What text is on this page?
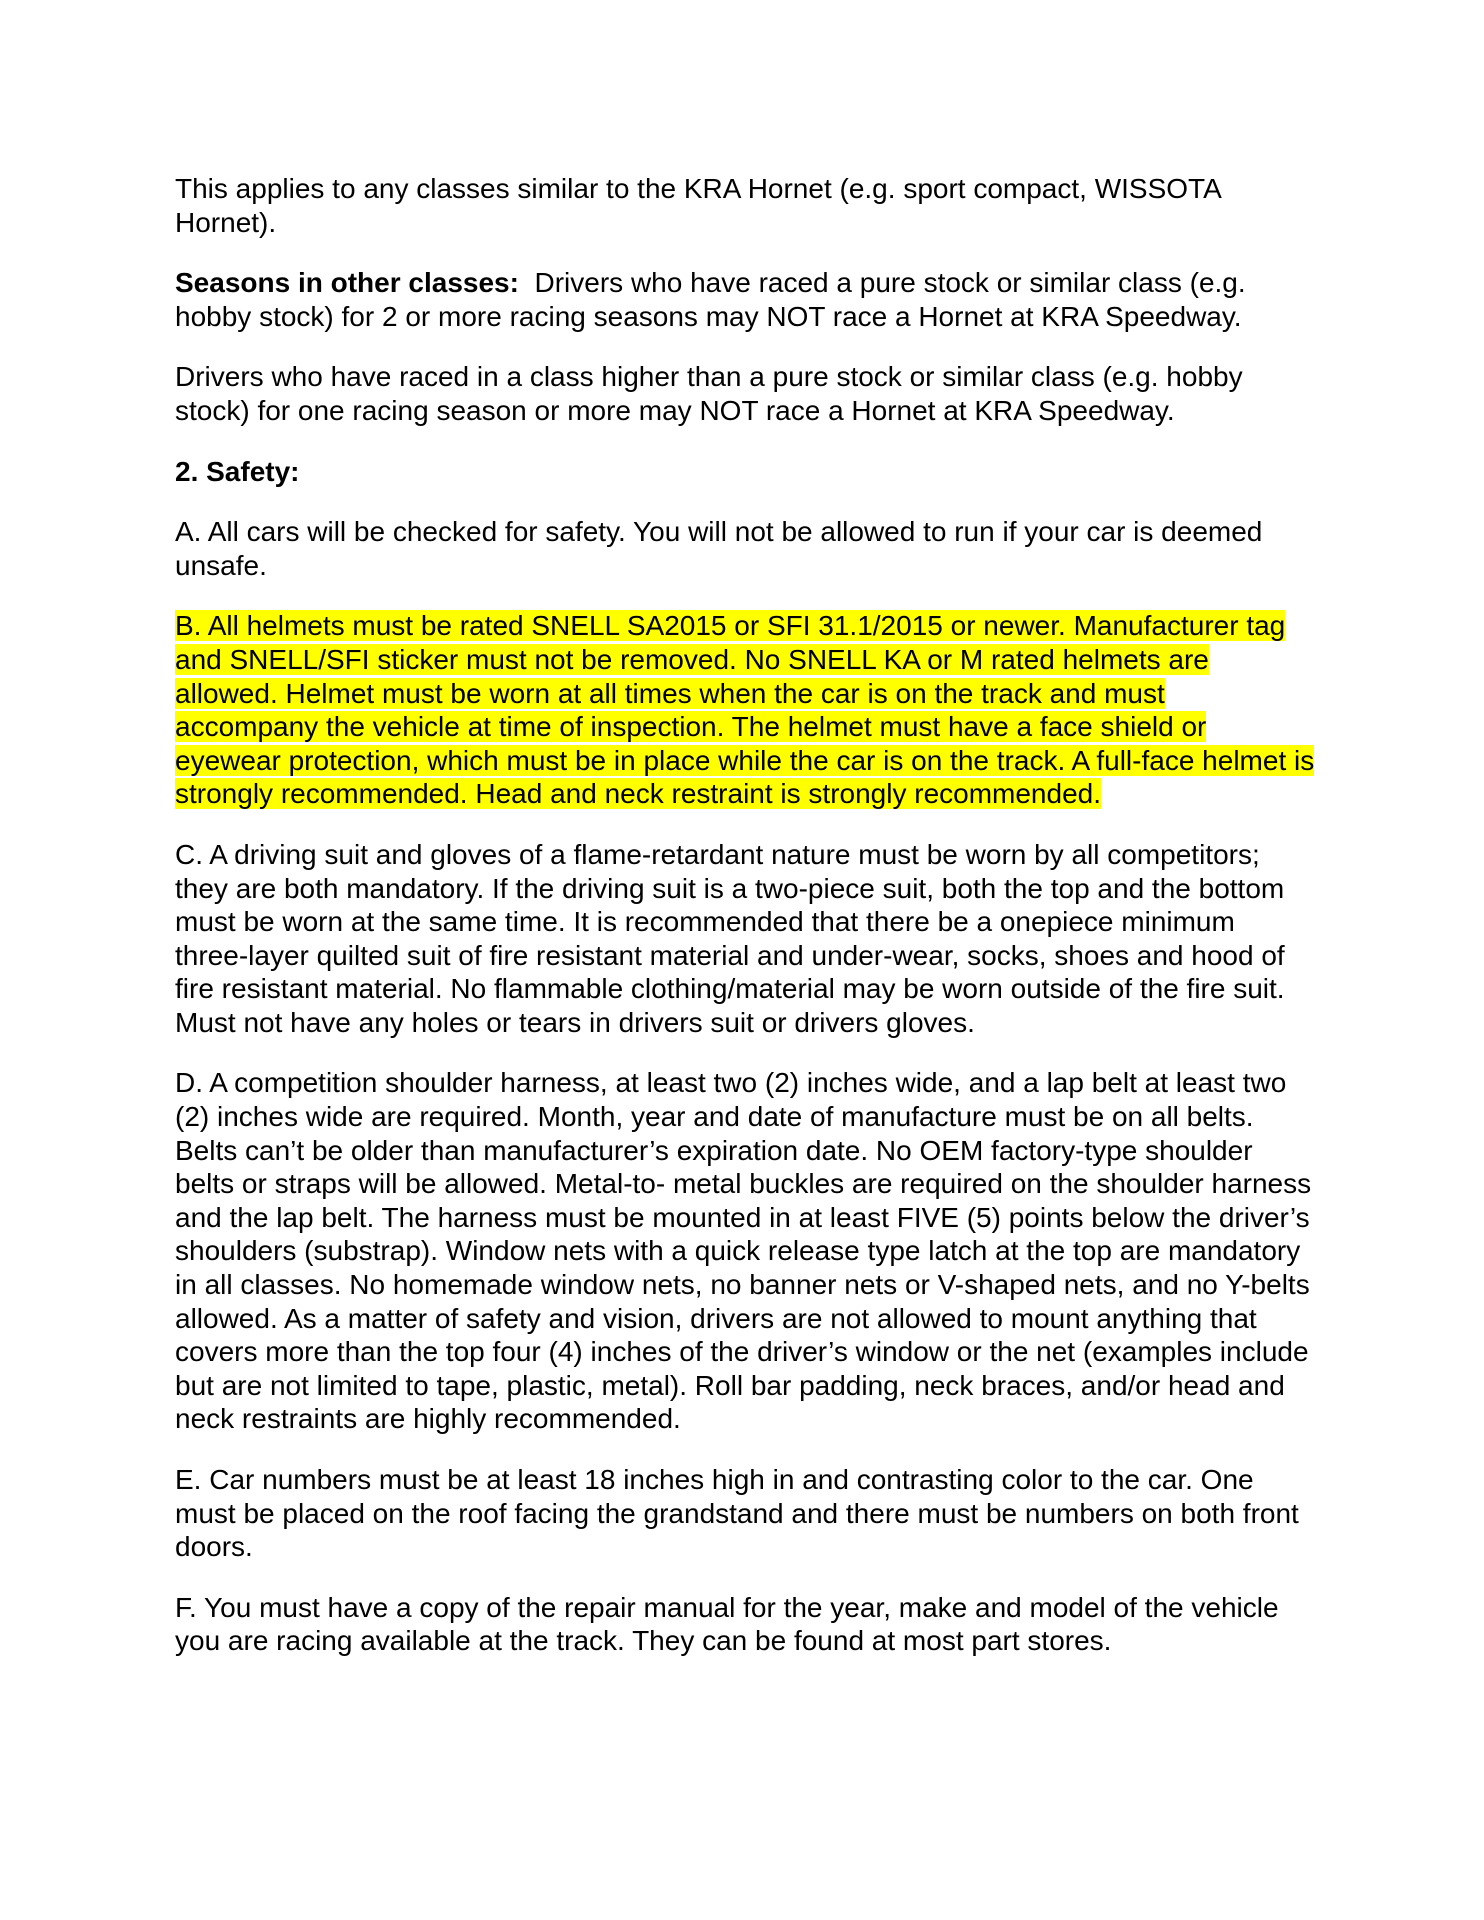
This applies to any classes similar to the KRA Hornet (e.g. sport compact, WISSOTA Hornet).

Seasons in other classes: Drivers who have raced a pure stock or similar class (e.g. hobby stock) for 2 or more racing seasons may NOT race a Hornet at KRA Speedway.

Drivers who have raced in a class higher than a pure stock or similar class (e.g. hobby stock) for one racing season or more may NOT race a Hornet at KRA Speedway.

2. Safety:

A. All cars will be checked for safety. You will not be allowed to run if your car is deemed unsafe.

B. All helmets must be rated SNELL SA2015 or SFI 31.1/2015 or newer. Manufacturer tag and SNELL/SFI sticker must not be removed. No SNELL KA or M rated helmets are allowed. Helmet must be worn at all times when the car is on the track and must accompany the vehicle at time of inspection. The helmet must have a face shield or eyewear protection, which must be in place while the car is on the track. A full-face helmet is strongly recommended. Head and neck restraint is strongly recommended.

C. A driving suit and gloves of a flame-retardant nature must be worn by all competitors; they are both mandatory. If the driving suit is a two-piece suit, both the top and the bottom must be worn at the same time. It is recommended that there be a onepiece minimum three-layer quilted suit of fire resistant material and under-wear, socks, shoes and hood of fire resistant material. No flammable clothing/material may be worn outside of the fire suit. Must not have any holes or tears in drivers suit or drivers gloves.

D. A competition shoulder harness, at least two (2) inches wide, and a lap belt at least two (2) inches wide are required. Month, year and date of manufacture must be on all belts. Belts can’t be older than manufacturer’s expiration date. No OEM factory-type shoulder belts or straps will be allowed. Metal-to- metal buckles are required on the shoulder harness and the lap belt. The harness must be mounted in at least FIVE (5) points below the driver’s shoulders (substrap). Window nets with a quick release type latch at the top are mandatory in all classes. No homemade window nets, no banner nets or V-shaped nets, and no Y-belts allowed. As a matter of safety and vision, drivers are not allowed to mount anything that covers more than the top four (4) inches of the driver’s window or the net (examples include but are not limited to tape, plastic, metal). Roll bar padding, neck braces, and/or head and neck restraints are highly recommended.

E. Car numbers must be at least 18 inches high in and contrasting color to the car. One must be placed on the roof facing the grandstand and there must be numbers on both front doors.

F. You must have a copy of the repair manual for the year, make and model of the vehicle you are racing available at the track. They can be found at most part stores.
